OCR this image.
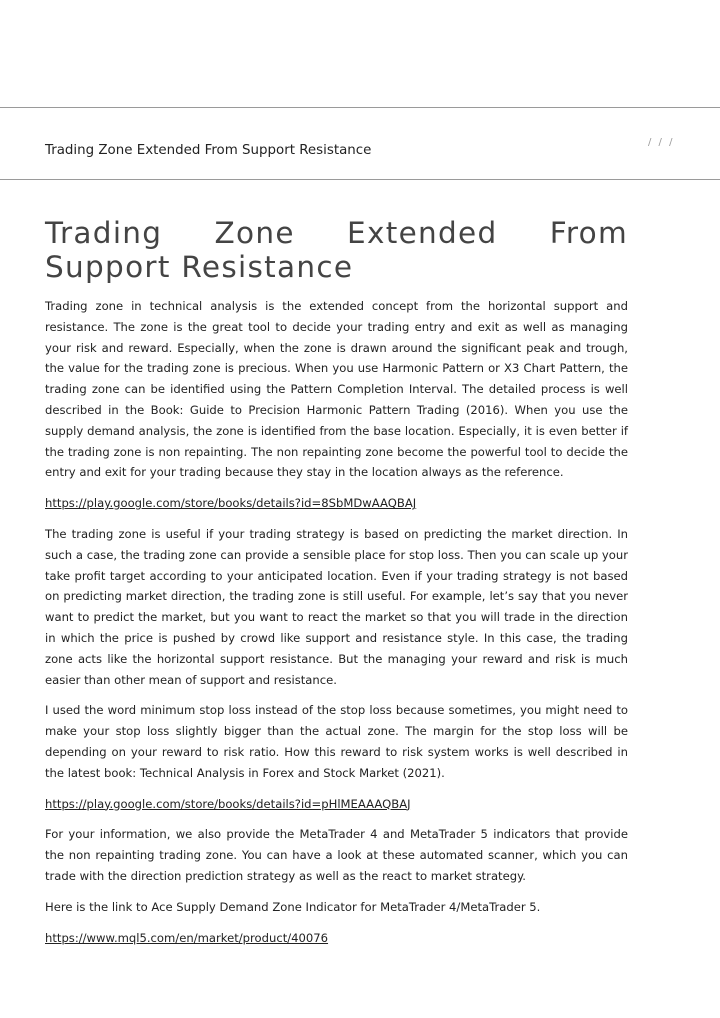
/ / /
Trading Zone Extended From Support Resistance
Trading Zone Extended From
Support Resistance

Trading zone in technical analysis is the extended concept from the horizontal support and resistance. The zone is the great tool to decide your trading entry and exit as well as managing your risk and reward. Especially, when the zone is drawn around the significant peak and trough, the value for the trading zone is precious. When you use Harmonic Pattern or X3 Chart Pattern, the trading zone can be identified using the Pattern Completion Interval. The detailed process is well described in the Book: Guide to Precision Harmonic Pattern Trading (2016). When you use the supply demand analysis, the zone is identified from the base location. Especially, it is even better if the trading zone is non repainting. The non repainting zone become the powerful tool to decide the entry and exit for your trading because they stay in the location always as the reference.

https://play.google.com/store/books/details?id=8SbMDwAAQBAJ

The trading zone is useful if your trading strategy is based on predicting the market direction. In such a case, the trading zone can provide a sensible place for stop loss. Then you can scale up your take profit target according to your anticipated location. Even if your trading strategy is not based on predicting market direction, the trading zone is still useful. For example, let’s say that you never want to predict the market, but you want to react the market so that you will trade in the direction in which the price is pushed by crowd like support and resistance style. In this case, the trading zone acts like the horizontal support resistance. But the managing your reward and risk is much easier than other mean of support and resistance.

I used the word minimum stop loss instead of the stop loss because sometimes, you might need to make your stop loss slightly bigger than the actual zone. The margin for the stop loss will be depending on your reward to risk ratio. How this reward to risk system works is well described in the latest book: Technical Analysis in Forex and Stock Market (2021).

https://play.google.com/store/books/details?id=pHlMEAAAQBAJ

For your information, we also provide the MetaTrader 4 and MetaTrader 5 indicators that provide the non repainting trading zone. You can have a look at these automated scanner, which you can trade with the direction prediction strategy as well as the react to market strategy.

Here is the link to Ace Supply Demand Zone Indicator for MetaTrader 4/MetaTrader 5.

https://www.mql5.com/en/market/product/40076
